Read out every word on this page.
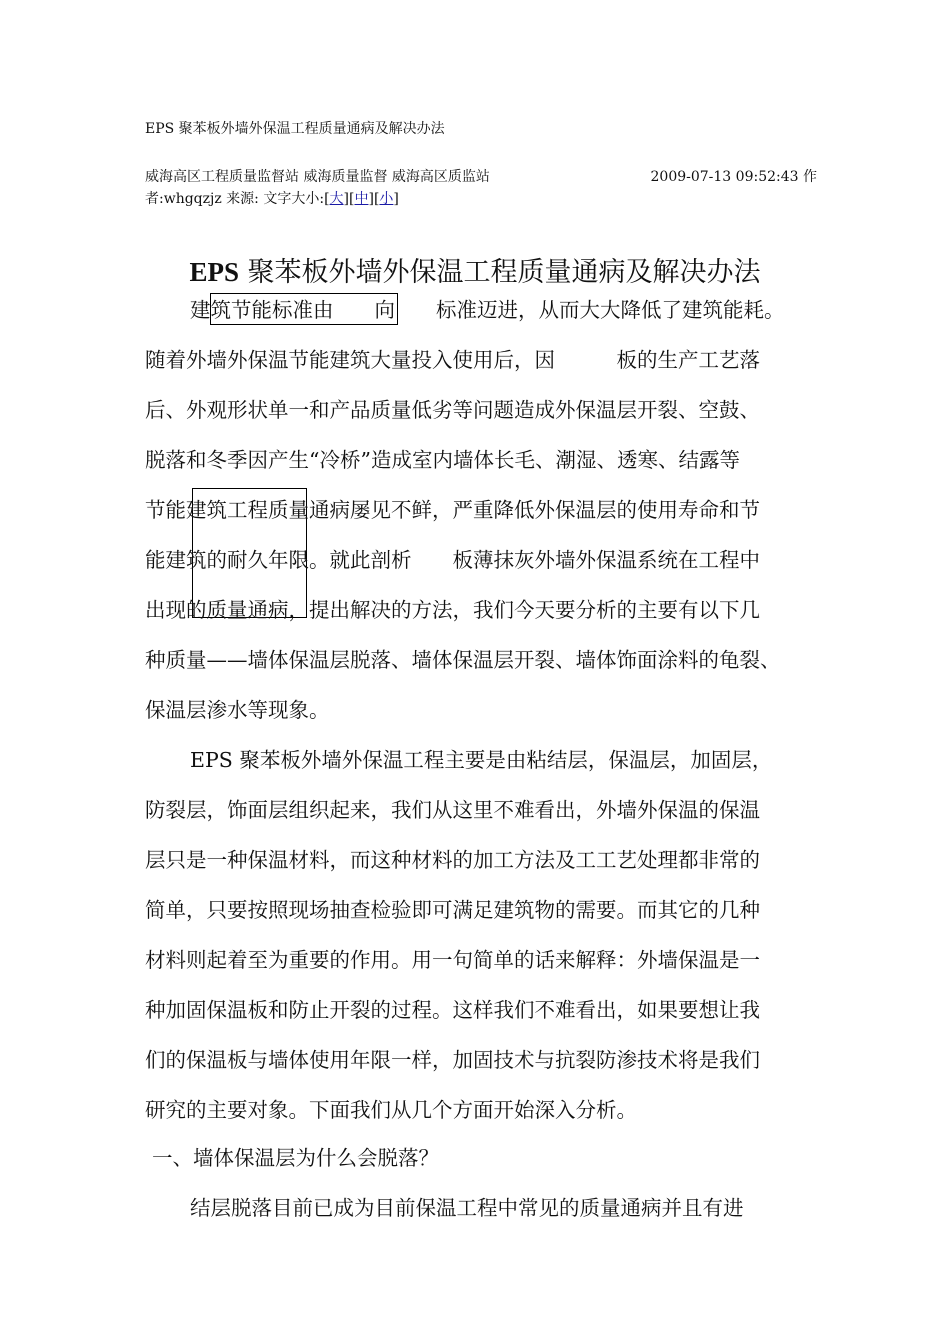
EPS 聚苯板外墙外保温工程质量通病及解决办法
威海高区工程质量监督站 威海质量监督 威海高区质监站	2009-07-13 09:52:43 作
者:whgqzjz 来源: 文字大小:[大][中][小]
EPS 聚苯板外墙外保温工程质量通病及解决办法
建筑节能标准由　　向　　标准迈进，从而大大降低了建筑能耗。
随着外墙外保温节能建筑大量投入使用后，因　　　板的生产工艺落
后、外观形状单一和产品质量低劣等问题造成外保温层开裂、空鼓、
脱落和冬季因产生“冷桥”造成室内墙体长毛、潮湿、透寒、结露等
节能建筑工程质量通病屡见不鲜，严重降低外保温层的使用寿命和节
能建筑的耐久年限。就此剖析　　板薄抹灰外墙外保温系统在工程中
出现的质量通病，提出解决的方法，我们今天要分析的主要有以下几
种质量——墙体保温层脱落、墙体保温层开裂、墙体饰面涂料的龟裂、
保温层渗水等现象。
EPS 聚苯板外墙外保温工程主要是由粘结层，保温层，加固层，
防裂层，饰面层组织起来，我们从这里不难看出，外墙外保温的保温
层只是一种保温材料，而这种材料的加工方法及工工艺处理都非常的
简单，只要按照现场抽查检验即可满足建筑物的需要。而其它的几种
材料则起着至为重要的作用。用一句简单的话来解释：外墙保温是一
种加固保温板和防止开裂的过程。这样我们不难看出，如果要想让我
们的保温板与墙体使用年限一样，加固技术与抗裂防渗技术将是我们
研究的主要对象。下面我们从几个方面开始深入分析。
一、墙体保温层为什么会脱落？
结层脱落目前已成为目前保温工程中常见的质量通病并且有进
